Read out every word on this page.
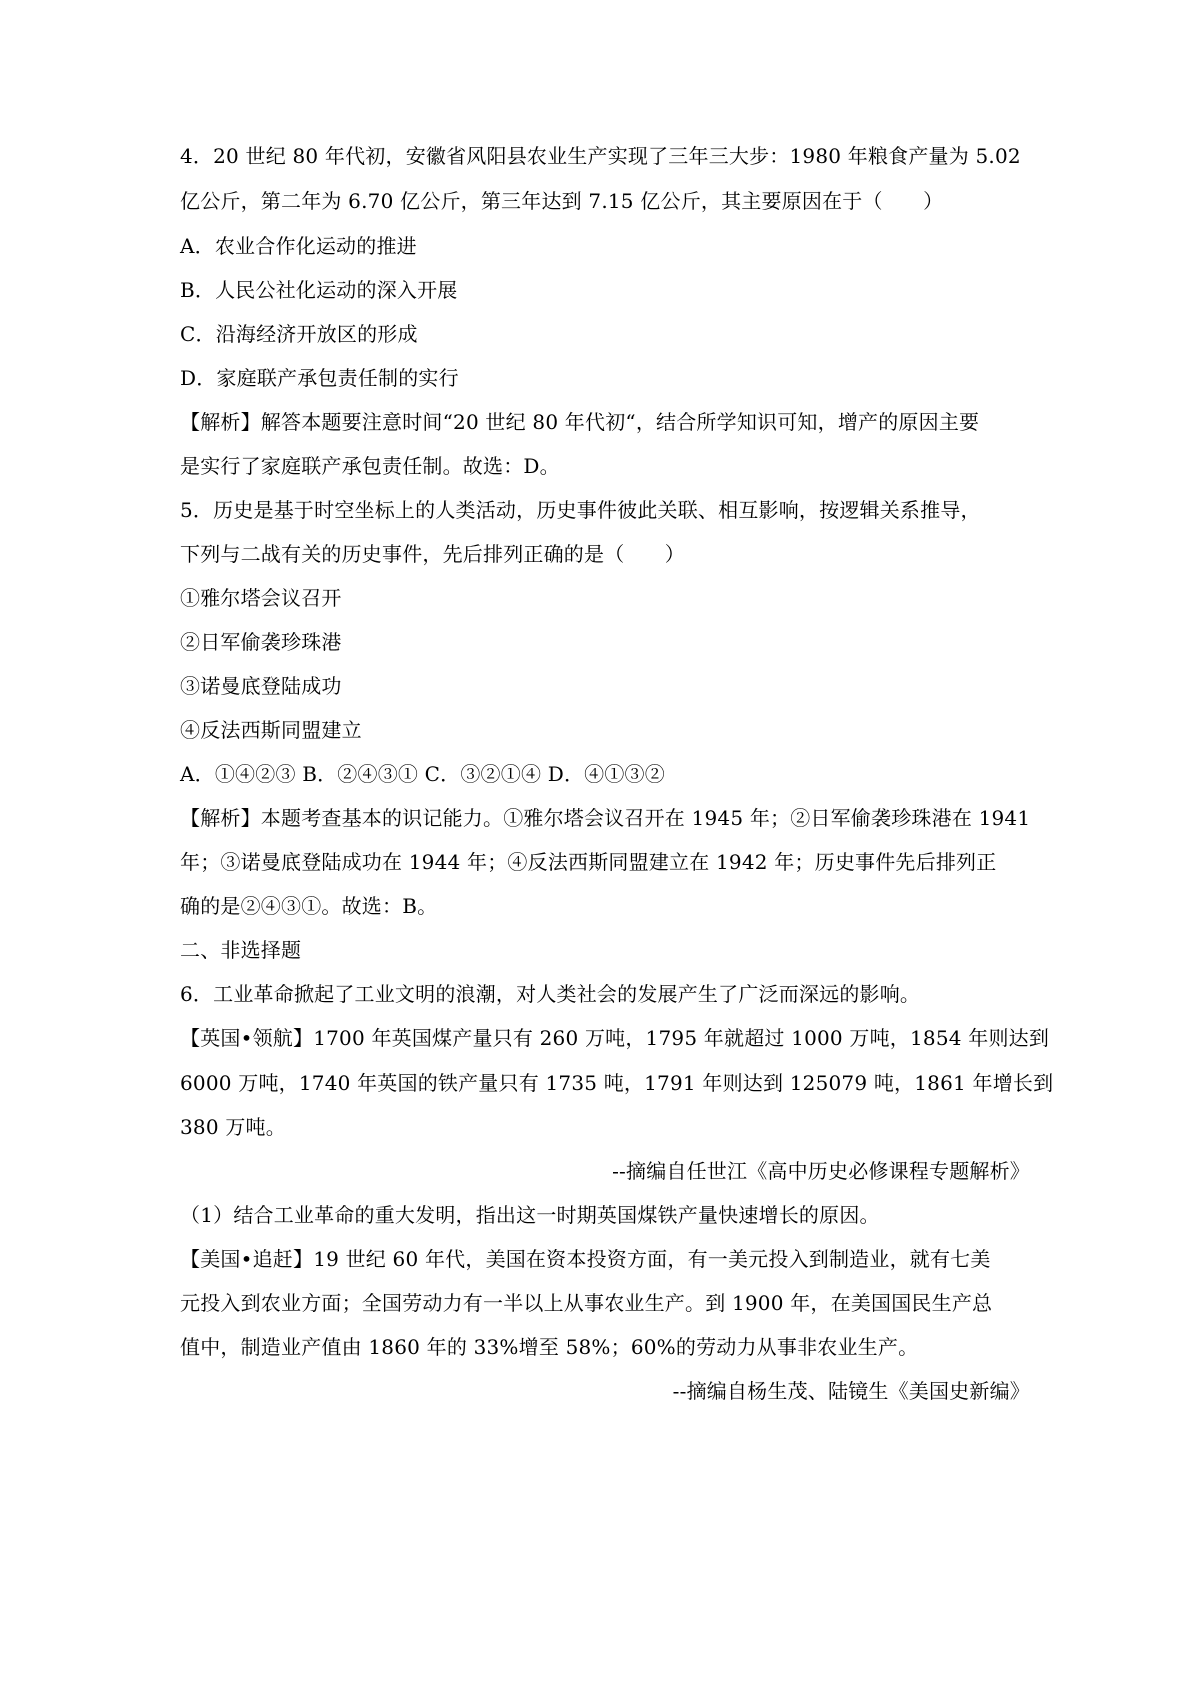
4．20 世纪 80 年代初，安徽省风阳县农业生产实现了三年三大步：1980 年粮食产量为 5.02
亿公斤，第二年为 6.70 亿公斤，第三年达到 7.15 亿公斤，其主要原因在于（　　）
A．农业合作化运动的推进
B．人民公社化运动的深入开展
C．沿海经济开放区的形成
D．家庭联产承包责任制的实行
【解析】解答本题要注意时间“20 世纪 80 年代初“，结合所学知识可知，增产的原因主要
是实行了家庭联产承包责任制。故选：D。
5．历史是基于时空坐标上的人类活动，历史事件彼此关联、相互影响，按逻辑关系推导，
下列与二战有关的历史事件，先后排列正确的是（　　）
①雅尔塔会议召开
②日军偷袭珍珠港
③诺曼底登陆成功
④反法西斯同盟建立
A．①④②③ B．②④③① C．③②①④ D．④①③②
【解析】本题考查基本的识记能力。①雅尔塔会议召开在 1945 年；②日军偷袭珍珠港在 1941
年；③诺曼底登陆成功在 1944 年；④反法西斯同盟建立在 1942 年；历史事件先后排列正
确的是②④③①。故选：B。
二、非选择题
6．工业革命掀起了工业文明的浪潮，对人类社会的发展产生了广泛而深远的影响。
【英国•领航】1700 年英国煤产量只有 260 万吨，1795 年就超过 1000 万吨，1854 年则达到
6000 万吨，1740 年英国的铁产量只有 1735 吨，1791 年则达到 125079 吨，1861 年增长到
380 万吨。
--摘编自任世江《高中历史必修课程专题解析》
（1）结合工业革命的重大发明，指出这一时期英国煤铁产量快速增长的原因。
【美国•追赶】19 世纪 60 年代，美国在资本投资方面，有一美元投入到制造业，就有七美
元投入到农业方面；全国劳动力有一半以上从事农业生产。到 1900 年，在美国国民生产总
值中，制造业产值由 1860 年的 33%增至 58%；60%的劳动力从事非农业生产。
--摘编自杨生茂、陆镜生《美国史新编》
